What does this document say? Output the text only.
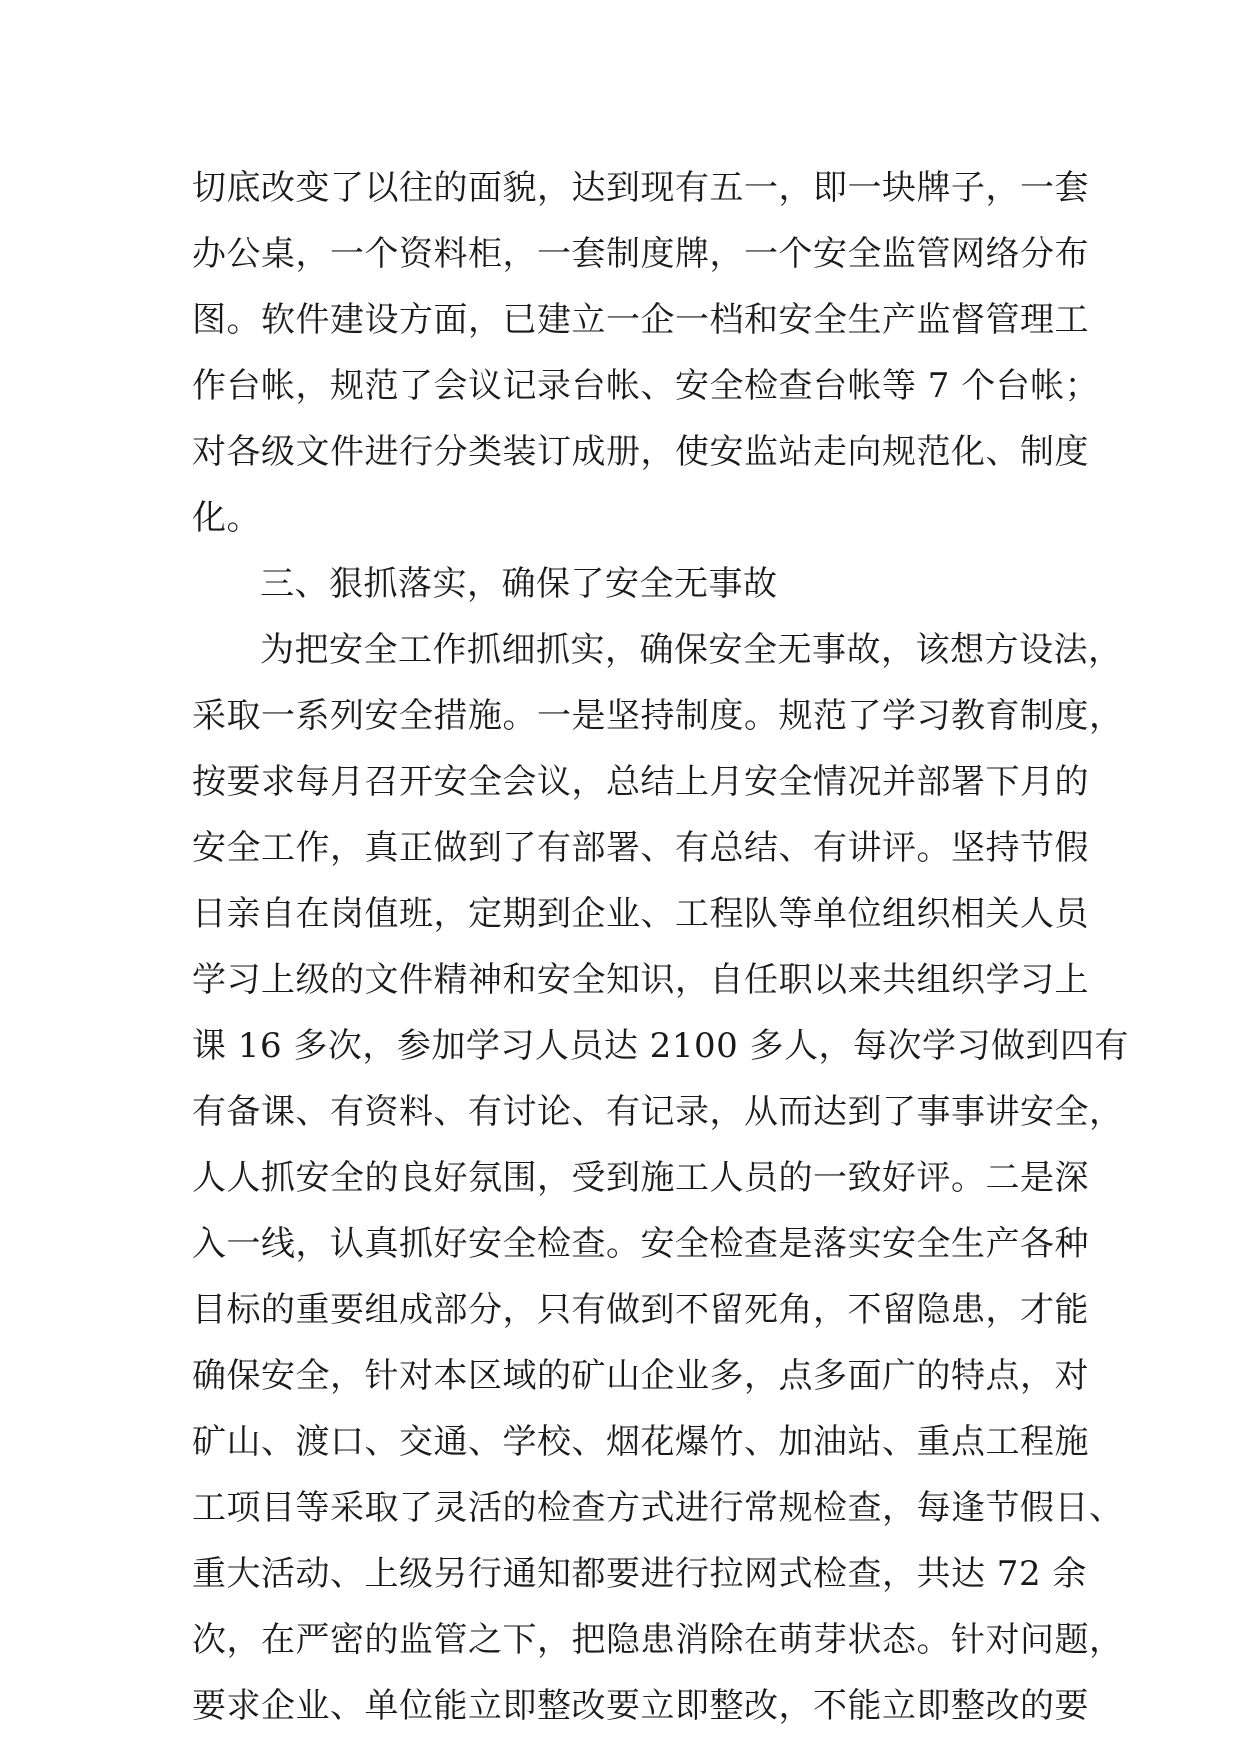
切底改变了以往的面貌，达到现有五一，即一块牌子，一套
办公桌，一个资料柜，一套制度牌，一个安全监管网络分布
图。软件建设方面，已建立一企一档和安全生产监督管理工
作台帐，规范了会议记录台帐、安全检查台帐等 7 个台帐；
对各级文件进行分类装订成册，使安监站走向规范化、制度
化。
三、狠抓落实，确保了安全无事故
为把安全工作抓细抓实，确保安全无事故，该想方设法，
采取一系列安全措施。一是坚持制度。规范了学习教育制度，
按要求每月召开安全会议，总结上月安全情况并部署下月的
安全工作，真正做到了有部署、有总结、有讲评。坚持节假
日亲自在岗值班，定期到企业、工程队等单位组织相关人员
学习上级的文件精神和安全知识，自任职以来共组织学习上
课 16 多次，参加学习人员达 2100 多人，每次学习做到四有
有备课、有资料、有讨论、有记录，从而达到了事事讲安全，
人人抓安全的良好氛围，受到施工人员的一致好评。二是深
入一线，认真抓好安全检查。安全检查是落实安全生产各种
目标的重要组成部分，只有做到不留死角，不留隐患，才能
确保安全，针对本区域的矿山企业多，点多面广的特点，对
矿山、渡口、交通、学校、烟花爆竹、加油站、重点工程施
工项目等采取了灵活的检查方式进行常规检查，每逢节假日、
重大活动、上级另行通知都要进行拉网式检查，共达 72 余
次，在严密的监管之下，把隐患消除在萌芽状态。针对问题，
要求企业、单位能立即整改要立即整改，不能立即整改的要
